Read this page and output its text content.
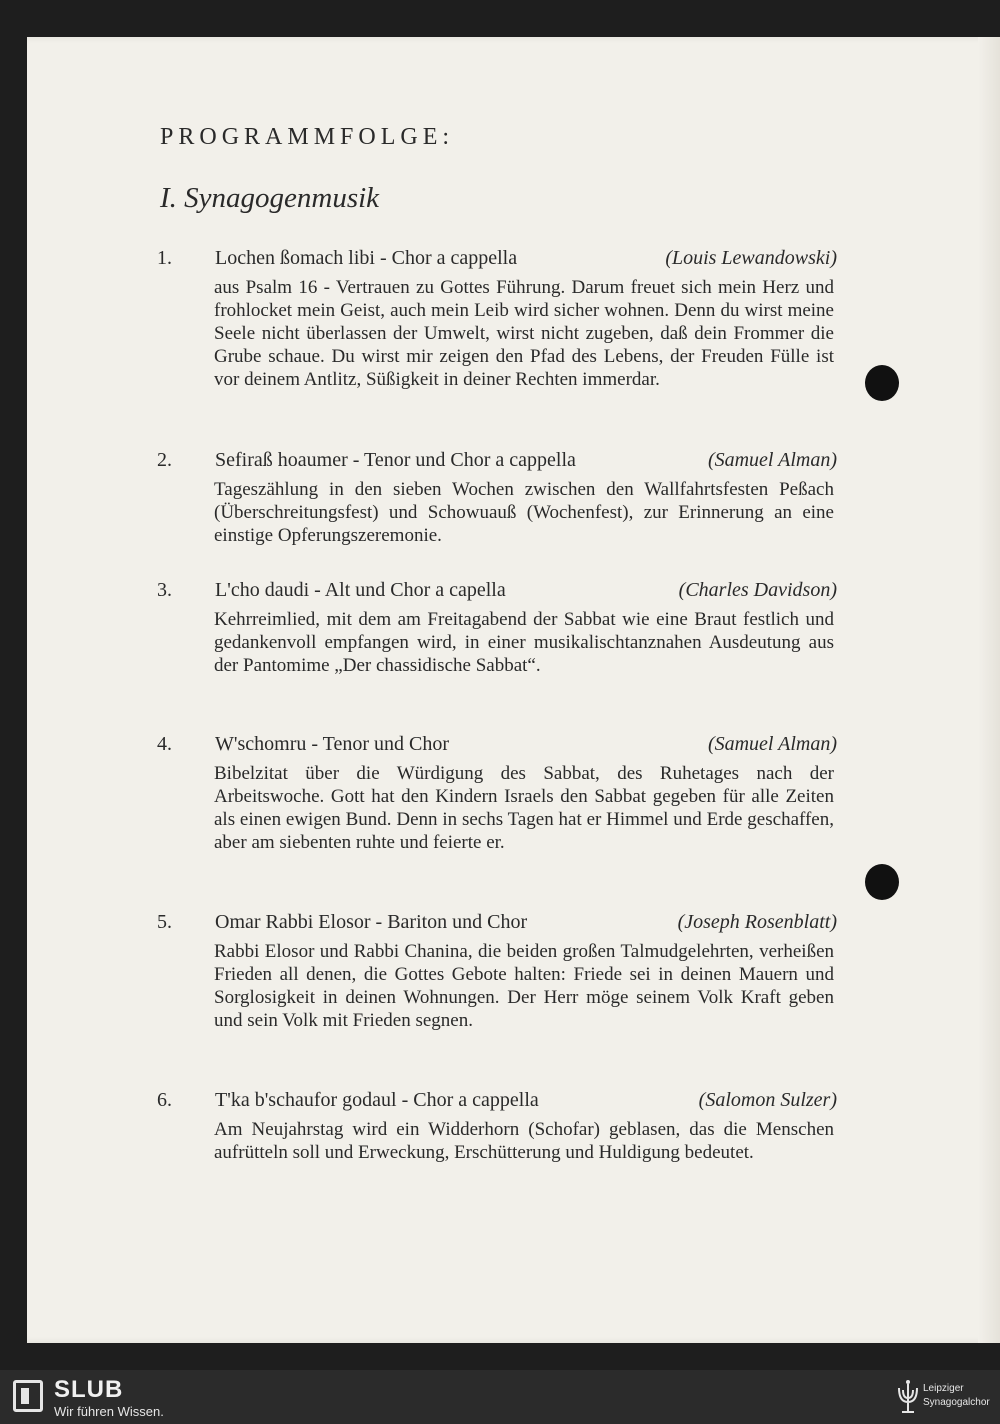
PROGRAMMFOLGE:
I. Synagogenmusik
1. Lochen ßomach libi - Chor a cappella	(Louis Lewandowski)
aus Psalm 16 - Vertrauen zu Gottes Führung. Darum freuet sich mein Herz und frohlocket mein Geist, auch mein Leib wird sicher wohnen. Denn du wirst meine Seele nicht überlassen der Umwelt, wirst nicht zugeben, daß dein Frommer die Grube schaue. Du wirst mir zeigen den Pfad des Lebens, der Freuden Fülle ist vor deinem Antlitz, Süßigkeit in deiner Rechten immerdar.
2. Sefiraß hoaumer - Tenor und Chor a cappella	(Samuel Alman)
Tageszählung in den sieben Wochen zwischen den Wallfahrtsfesten Peßach (Überschreitungsfest) und Schowuauß (Wochenfest), zur Erinnerung an eine einstige Opferungszeremonie.
3. L'cho daudi - Alt und Chor a capella	(Charles Davidson)
Kehrreimlied, mit dem am Freitagabend der Sabbat wie eine Braut festlich und gedankenvoll empfangen wird, in einer musikalischtanznahen Ausdeutung aus der Pantomime „Der chassidische Sabbat“.
4. W'schomru - Tenor und Chor	(Samuel Alman)
Bibelzitat über die Würdigung des Sabbat, des Ruhetages nach der Arbeitswoche. Gott hat den Kindern Israels den Sabbat gegeben für alle Zeiten als einen ewigen Bund. Denn in sechs Tagen hat er Himmel und Erde geschaffen, aber am siebenten ruhte und feierte er.
5. Omar Rabbi Elosor - Bariton und Chor	(Joseph Rosenblatt)
Rabbi Elosor und Rabbi Chanina, die beiden großen Talmudgelehrten, verheißen Frieden all denen, die Gottes Gebote halten: Friede sei in deinen Mauern und Sorglosigkeit in deinen Wohnungen. Der Herr möge seinem Volk Kraft geben und sein Volk mit Frieden segnen.
6. T'ka b'schaufor godaul - Chor a cappella	(Salomon Sulzer)
Am Neujahrstag wird ein Widderhorn (Schofar) geblasen, das die Menschen aufrütteln soll und Erweckung, Erschütterung und Huldigung bedeutet.
SLUB
Wir führen Wissen.
Leipziger
Synagogalchor
